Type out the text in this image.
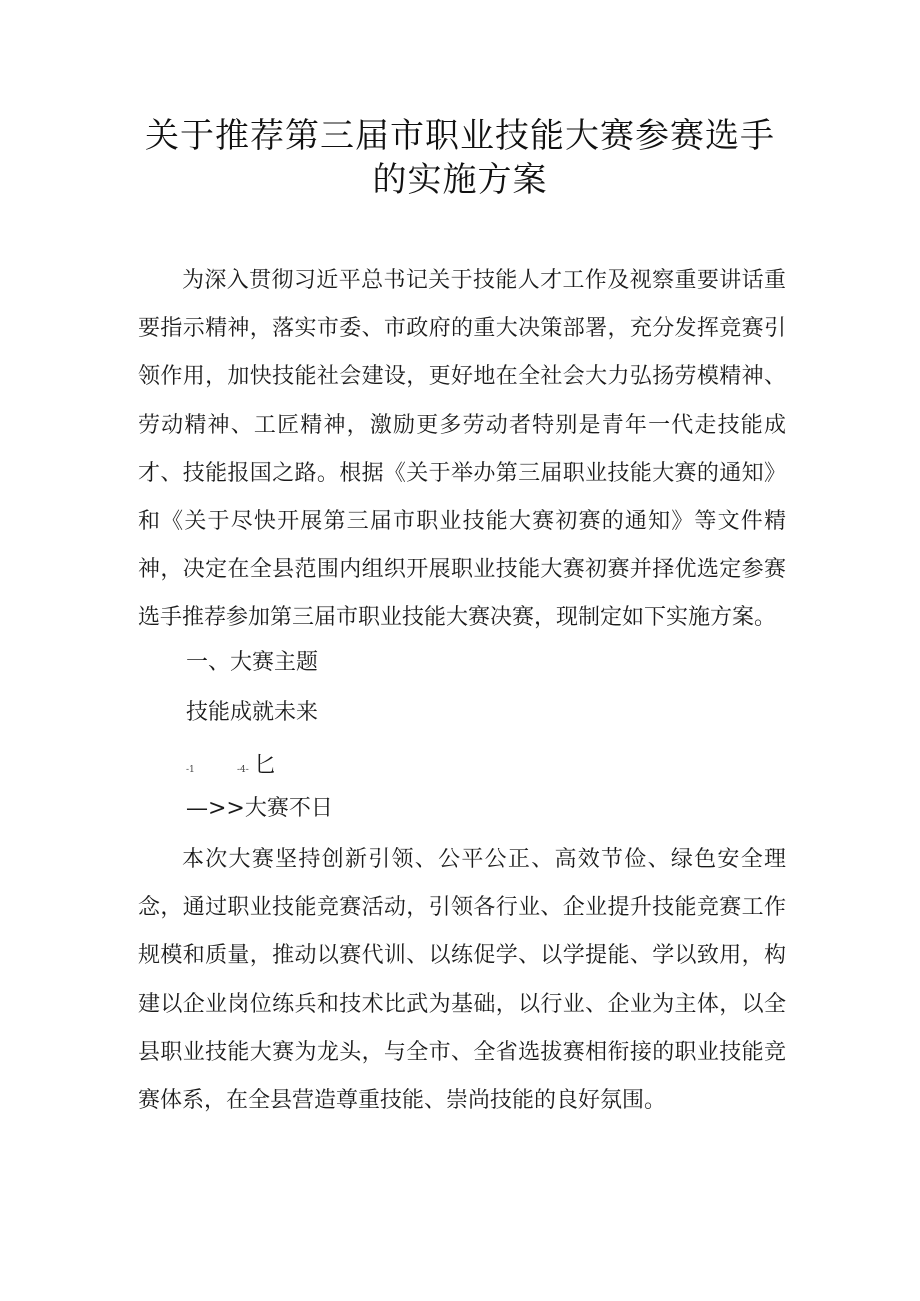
关于推荐第三届市职业技能大赛参赛选手
的实施方案

为深入贯彻习近平总书记关于技能人才工作及视察重要讲话重要指示精神，落实市委、市政府的重大决策部署，充分发挥竞赛引领作用，加快技能社会建设，更好地在全社会大力弘扬劳模精神、劳动精神、工匠精神，激励更多劳动者特别是青年一代走技能成才、技能报国之路。根据《关于举办第三届职业技能大赛的通知》和《关于尽快开展第三届市职业技能大赛初赛的通知》等文件精神，决定在全县范围内组织开展职业技能大赛初赛并择优选定参赛选手推荐参加第三届市职业技能大赛决赛，现制定如下实施方案。

一、大赛主题

技能成就未来

-1	-4- 匕

—>>大赛不日

本次大赛坚持创新引领、公平公正、高效节俭、绿色安全理念，通过职业技能竞赛活动，引领各行业、企业提升技能竞赛工作规模和质量，推动以赛代训、以练促学、以学提能、学以致用，构建以企业岗位练兵和技术比武为基础，以行业、企业为主体，以全县职业技能大赛为龙头，与全市、全省选拔赛相衔接的职业技能竞赛体系，在全县营造尊重技能、崇尚技能的良好氛围。
